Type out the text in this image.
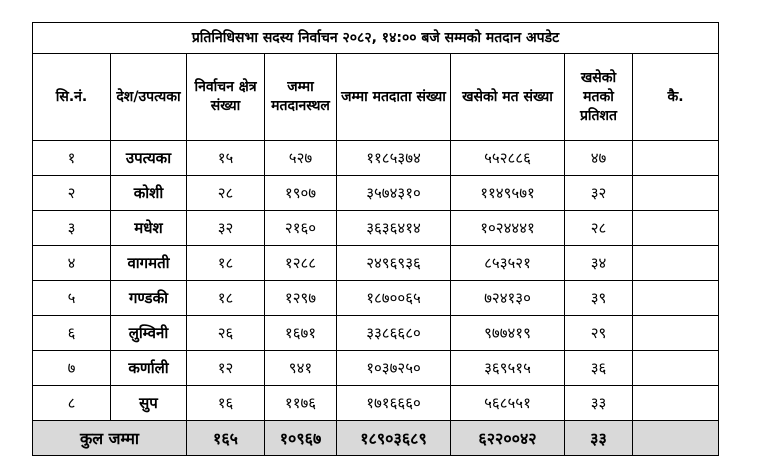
प्रतिनिधिसभा सदस्य निर्वाचन २०८२, १४:०० बजे सम्मको मतदान अपडेट							
सि.नं.	देश/उपत्यका	निर्वाचन क्षेत्र संख्या	जम्मा मतदानस्थल	जम्मा मतदाता संख्या	खसेको मत संख्या	खसेको मतको प्रतिशत	कै.
१	उपत्यका	१५	५२७	११८५३७४	५५२८८६	४७	
२	कोशी	२८	१९०७	३५७४३१०	११४९५७१	३२	
३	मधेश	३२	२१६०	३६३६४१४	१०२४४४१	२८	
४	वागमती	१८	१२८८	२४९६९३६	८५३५२१	३४	
५	गण्डकी	१८	१२९७	१८७००६५	७२४१३०	३९	
६	लुम्विनी	२६	१६७१	३३८६६८०	९७७४१९	२९	
७	कर्णाली	१२	९४१	१०३७२५०	३६९५१५	३६	
८	सुप	१६	११७६	१७१६६६०	५६८५५१	३३	
कुल जम्मा		१६५	१०९६७	१८९०३६८९	६२२००४२	३३	
